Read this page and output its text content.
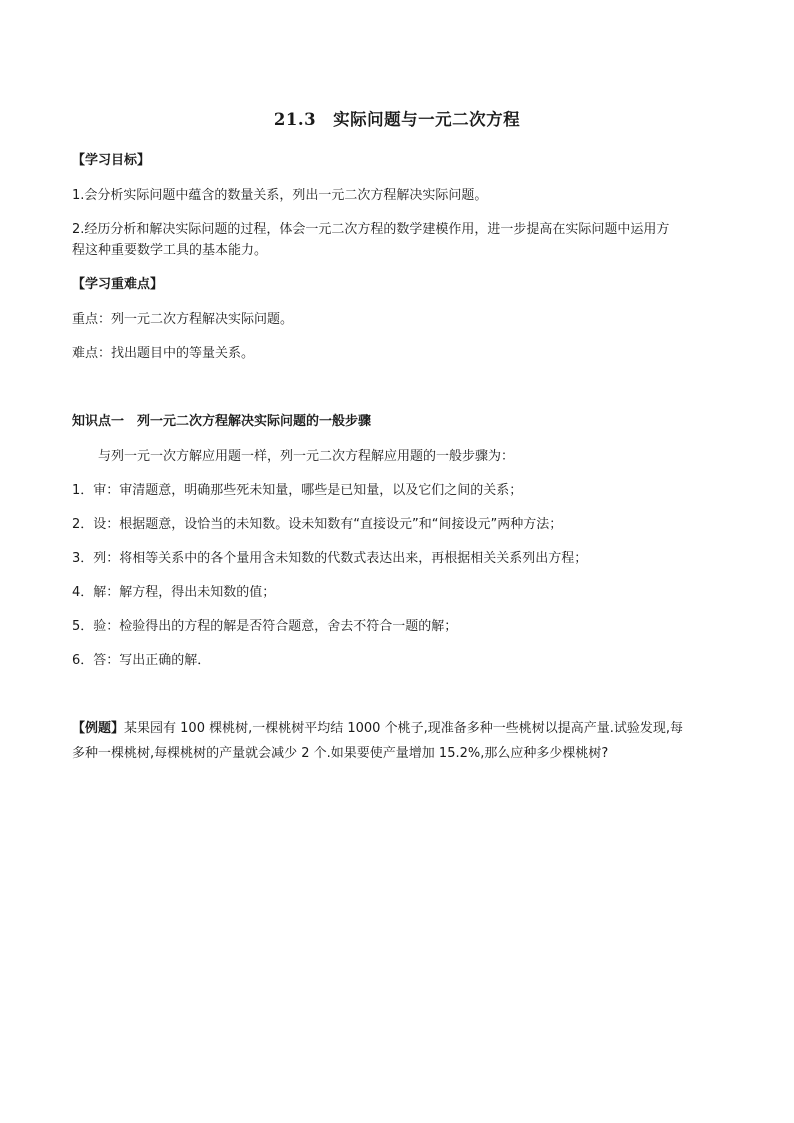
21.3　实际问题与一元二次方程
【学习目标】
1.会分析实际问题中蕴含的数量关系，列出一元二次方程解决实际问题。
2.经历分析和解决实际问题的过程，体会一元二次方程的数学建模作用，进一步提高在实际问题中运用方
程这种重要数学工具的基本能力。
【学习重难点】
重点：列一元二次方程解决实际问题。
难点：找出题目中的等量关系。
知识点一　列一元二次方程解决实际问题的一般步骤
与列一元一次方解应用题一样，列一元二次方程解应用题的一般步骤为：
1．审：审清题意，明确那些死未知量，哪些是已知量，以及它们之间的关系；
2．设：根据题意，设恰当的未知数。设未知数有“直接设元”和“间接设元”两种方法；
3．列：将相等关系中的各个量用含未知数的代数式表达出来，再根据相关关系列出方程；
4．解：解方程，得出未知数的值；
5．验：检验得出的方程的解是否符合题意，舍去不符合一题的解；
6．答：写出正确的解．
【例题】某果园有 100 棵桃树,一棵桃树平均结 1000 个桃子,现准备多种一些桃树以提高产量.试验发现,每
多种一棵桃树,每棵桃树的产量就会减少 2 个.如果要使产量增加 15.2%,那么应种多少棵桃树?
